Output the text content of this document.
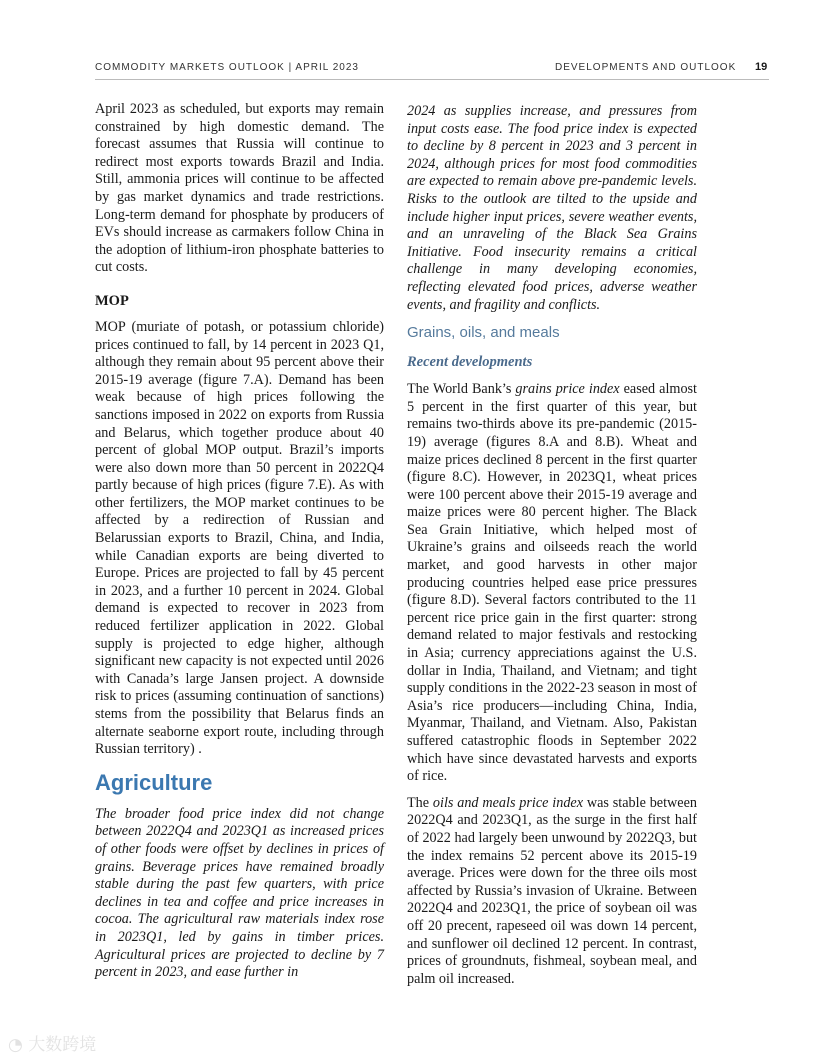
COMMODITY MARKETS OUTLOOK | APRIL 2023	DEVELOPMENTS AND OUTLOOK 19

April 2023 as scheduled, but exports may remain constrained by high domestic demand. The forecast assumes that Russia will continue to redirect most exports towards Brazil and India. Still, ammonia prices will continue to be affected by gas market dynamics and trade restrictions. Long-term demand for phosphate by producers of EVs should increase as carmakers follow China in the adoption of lithium-iron phosphate batteries to cut costs.

MOP

MOP (muriate of potash, or potassium chloride) prices continued to fall, by 14 percent in 2023 Q1, although they remain about 95 percent above their 2015-19 average (figure 7.A). Demand has been weak because of high prices following the sanctions imposed in 2022 on exports from Russia and Belarus, which together produce about 40 percent of global MOP output. Brazil’s imports were also down more than 50 percent in 2022Q4 partly because of high prices (figure 7.E). As with other fertilizers, the MOP market continues to be affected by a redirection of Russian and Belarussian exports to Brazil, China, and India, while Canadian exports are being diverted to Europe. Prices are projected to fall by 45 percent in 2023, and a further 10 percent in 2024. Global demand is expected to recover in 2023 from reduced fertilizer application in 2022. Global supply is projected to edge higher, although significant new capacity is not expected until 2026 with Canada’s large Jansen project. A downside risk to prices (assuming continuation of sanctions) stems from the possibility that Belarus finds an alternate seaborne export route, including through Russian territory) .

Agriculture

The broader food price index did not change between 2022Q4 and 2023Q1 as increased prices of other foods were offset by declines in prices of grains. Beverage prices have remained broadly stable during the past few quarters, with price declines in tea and coffee and price increases in cocoa. The agricultural raw materials index rose in 2023Q1, led by gains in timber prices. Agricultural prices are projected to decline by 7 percent in 2023, and ease further in

2024 as supplies increase, and pressures from input costs ease. The food price index is expected to decline by 8 percent in 2023 and 3 percent in 2024, although prices for most food commodities are expected to remain above pre-pandemic levels. Risks to the outlook are tilted to the upside and include higher input prices, severe weather events, and an unraveling of the Black Sea Grains Initiative. Food insecurity remains a critical challenge in many developing economies, reflecting elevated food prices, adverse weather events, and fragility and conflicts.

Grains, oils, and meals
Recent developments

The World Bank’s grains price index eased almost 5 percent in the first quarter of this year, but remains two-thirds above its pre-pandemic (2015-19) average (figures 8.A and 8.B). Wheat and maize prices declined 8 percent in the first quarter (figure 8.C). However, in 2023Q1, wheat prices were 100 percent above their 2015-19 average and maize prices were 80 percent higher. The Black Sea Grain Initiative, which helped most of Ukraine’s grains and oilseeds reach the world market, and good harvests in other major producing countries helped ease price pressures (figure 8.D). Several factors contributed to the 11 percent rice price gain in the first quarter: strong demand related to major festivals and restocking in Asia; currency appreciations against the U.S. dollar in India, Thailand, and Vietnam; and tight supply conditions in the 2022-23 season in most of Asia’s rice producers—including China, India, Myanmar, Thailand, and Vietnam. Also, Pakistan suffered catastrophic floods in September 2022 which have since devastated harvests and exports of rice.

The oils and meals price index was stable between 2022Q4 and 2023Q1, as the surge in the first half of 2022 had largely been unwound by 2022Q3, but the index remains 52 percent above its 2015-19 average. Prices were down for the three oils most affected by Russia’s invasion of Ukraine. Between 2022Q4 and 2023Q1, the price of soybean oil was off 20 precent, rapeseed oil was down 14 percent, and sunflower oil declined 12 percent. In contrast, prices of groundnuts, fishmeal, soybean meal, and palm oil increased.

◔ 大数跨境
